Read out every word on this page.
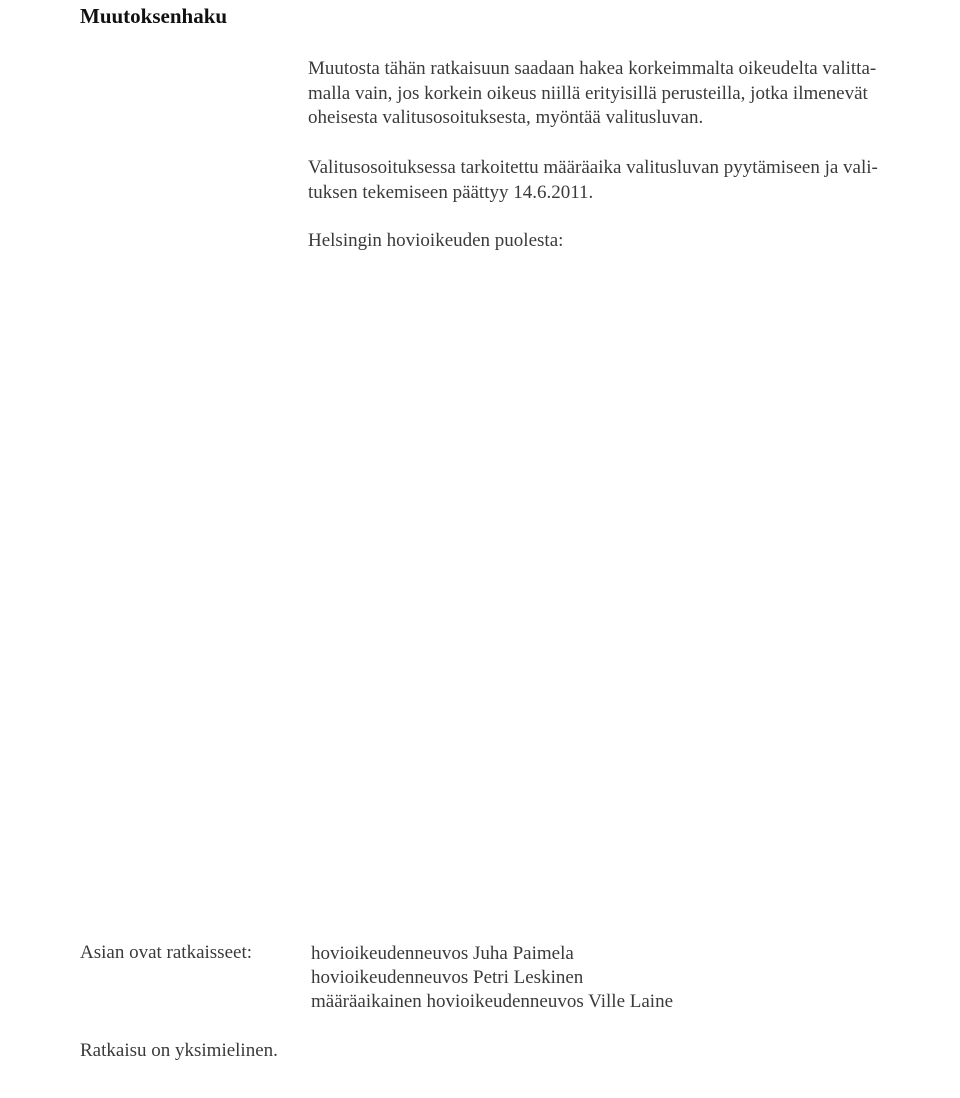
Muutoksenhaku
Muutosta tähän ratkaisuun saadaan hakea korkeimmalta oikeudelta valitta-
malla vain, jos korkein oikeus niillä erityisillä perusteilla, jotka ilmenevät
oheisesta valitusosoituksesta, myöntää valitusluvan.
Valitusosoituksessa tarkoitettu määräaika valitusluvan pyytämiseen ja vali-
tuksen tekemiseen päättyy 14.6.2011.
Helsingin hovioikeuden puolesta:
Asian ovat ratkaisseet:	hovioikeudenneuvos Juha Paimela
hovioikeudenneuvos Petri Leskinen
määräaikainen hovioikeudenneuvos Ville Laine
Ratkaisu on yksimielinen.
